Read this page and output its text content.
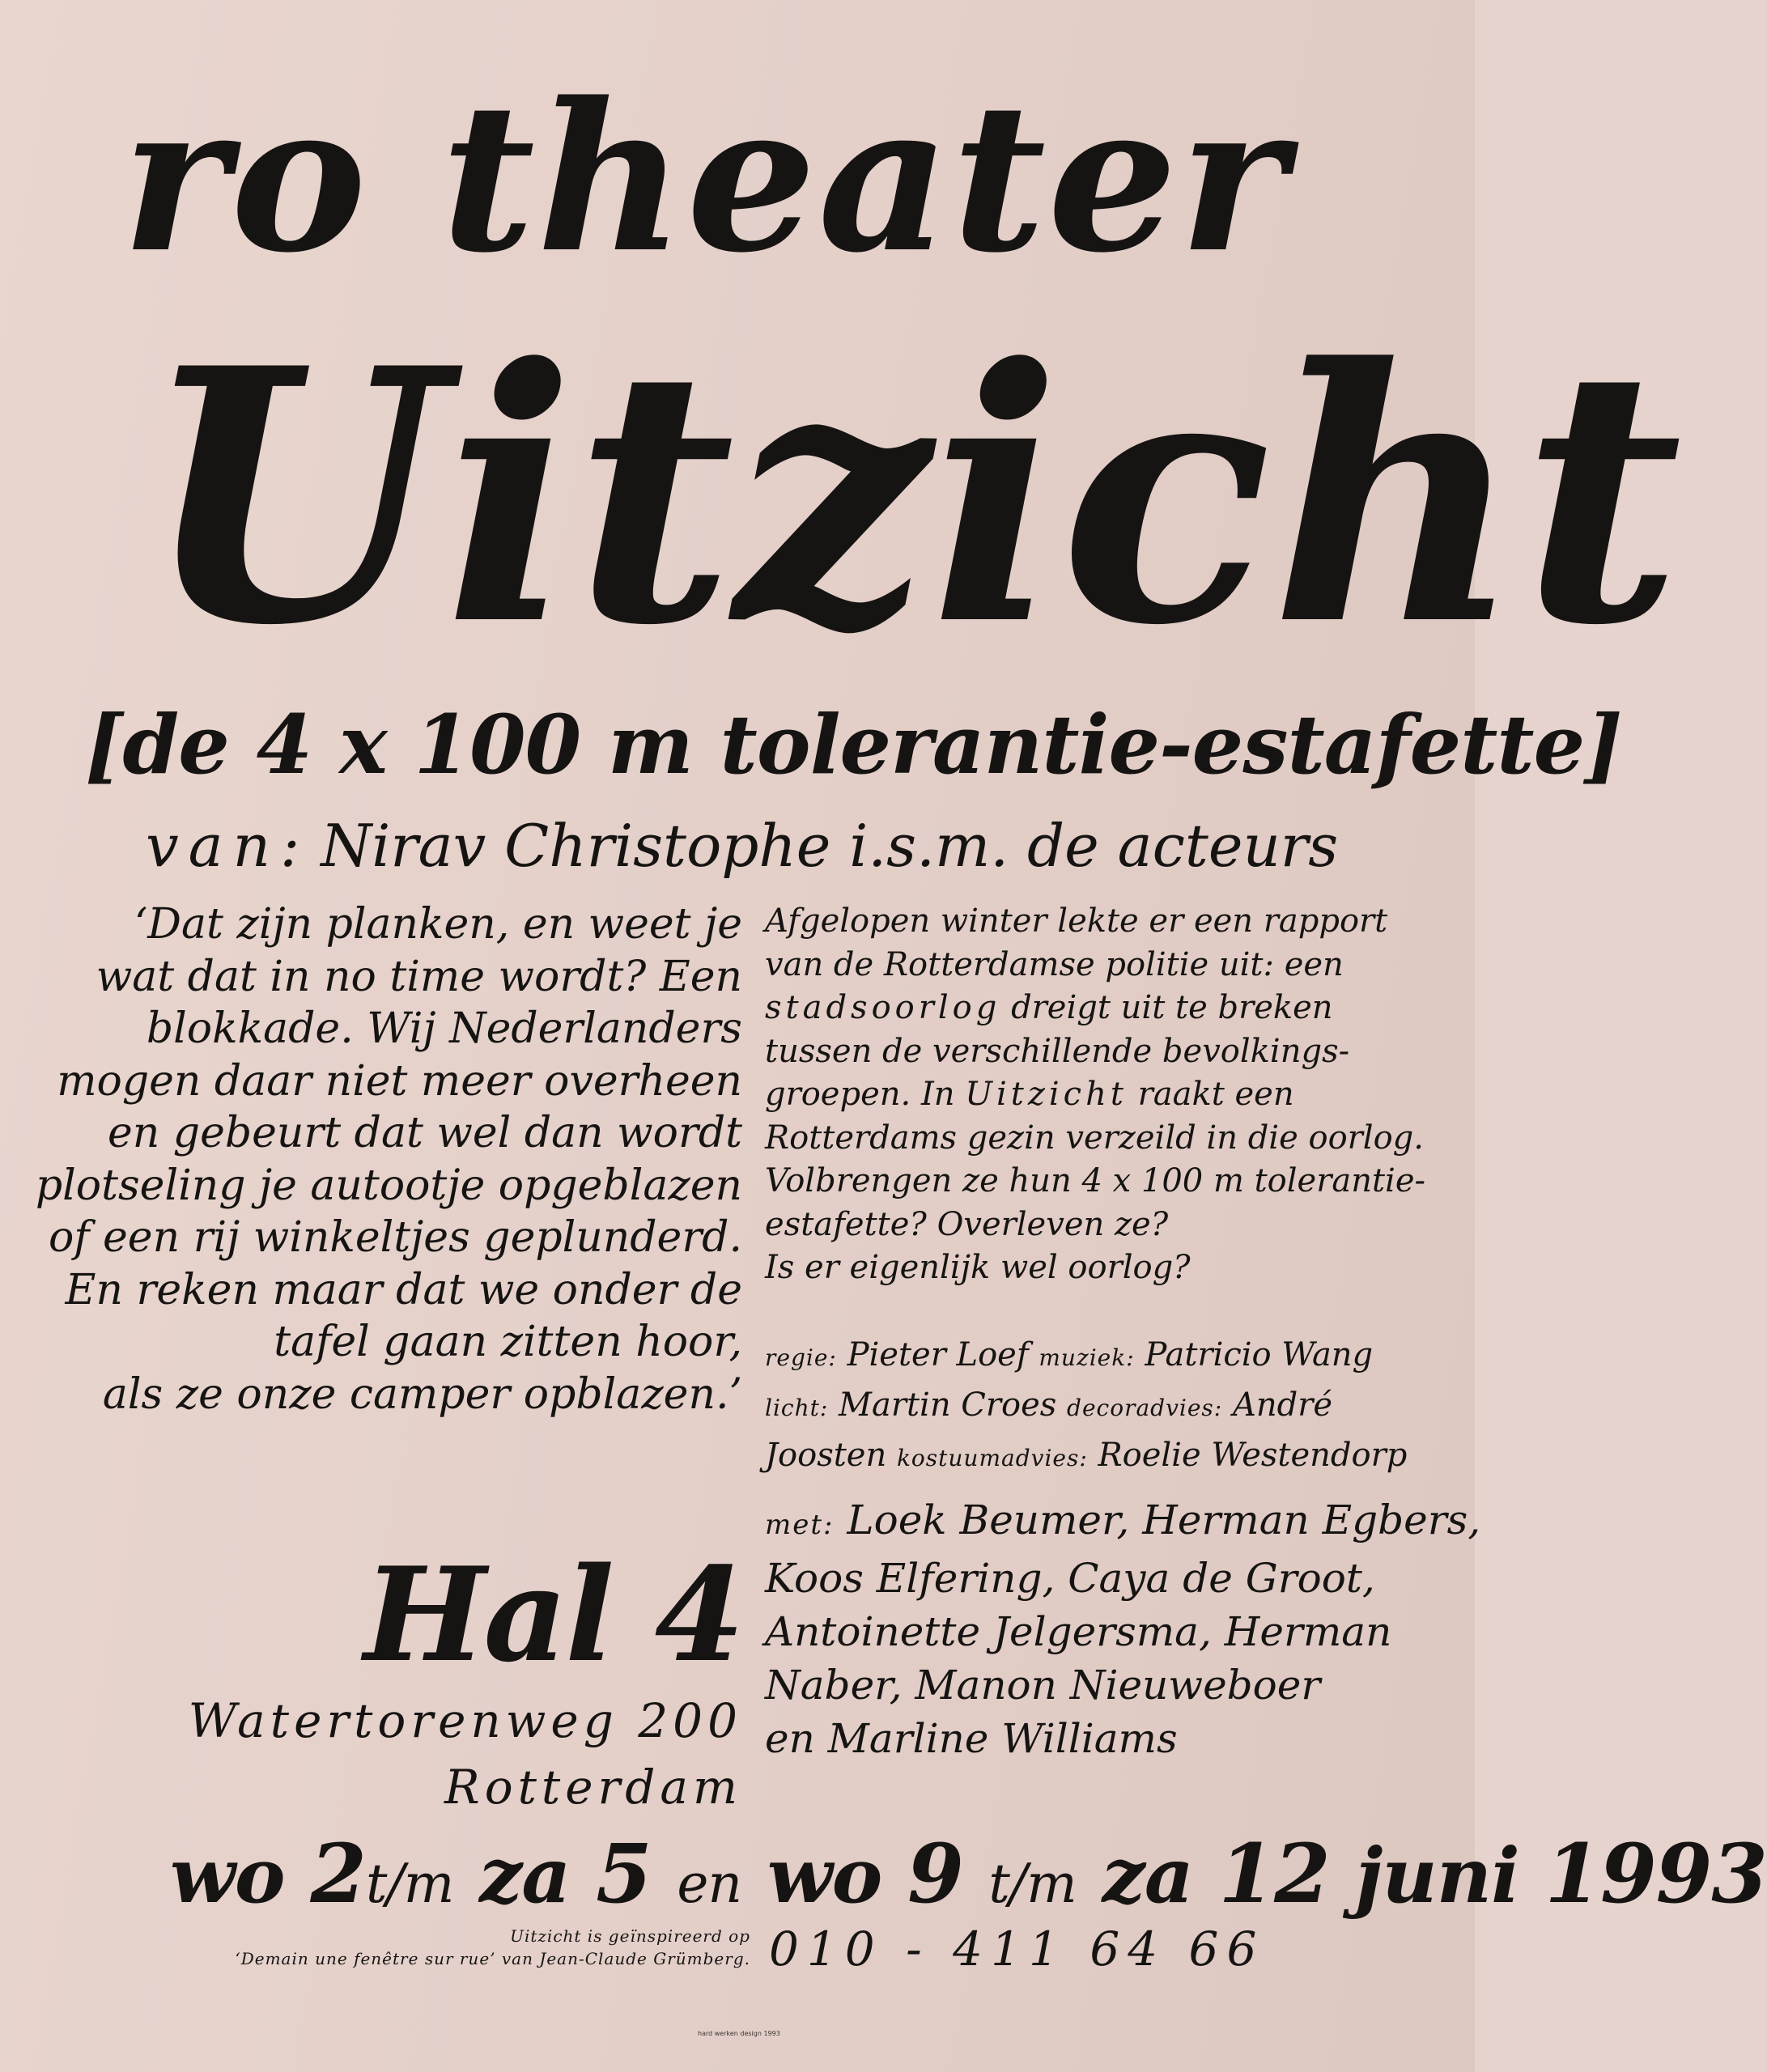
ro theater
Uitzicht
[de 4 x 100 m tolerantie-estafette]
van: Nirav Christophe i.s.m. de acteurs
‘Dat zijn planken, en weet je
wat dat in no time wordt? Een
blokkade. Wij Nederlanders
mogen daar niet meer overheen
en gebeurt dat wel dan wordt
plotseling je autootje opgeblazen
of een rij winkeltjes geplunderd.
En reken maar dat we onder de
tafel gaan zitten hoor,
als ze onze camper opblazen.’
Afgelopen winter lekte er een rapport
van de Rotterdamse politie uit: een
stadsoorlog dreigt uit te breken
tussen de verschillende bevolkings-
groepen. In Uitzicht raakt een
Rotterdams gezin verzeild in die oorlog.
Volbrengen ze hun 4 x 100 m tolerantie-
estafette? Overleven ze?
Is er eigenlijk wel oorlog?
regie: Pieter Loef muziek: Patricio Wang
licht: Martin Croes decoradvies: André
Joosten kostuumadvies: Roelie Westendorp
met: Loek Beumer, Herman Egbers,
Koos Elfering, Caya de Groot,
Antoinette Jelgersma, Herman
Naber, Manon Nieuweboer
en Marline Williams
Hal 4
Watertorenweg 200
Rotterdam
wo 2t/m za 5 en wo 9 t/m za 12 juni 1993
Uitzicht is geïnspireerd op
‘Demain une fenêtre sur rue’ van Jean-Claude Grümberg. 010 - 411 64 66
hard werken design 1993
